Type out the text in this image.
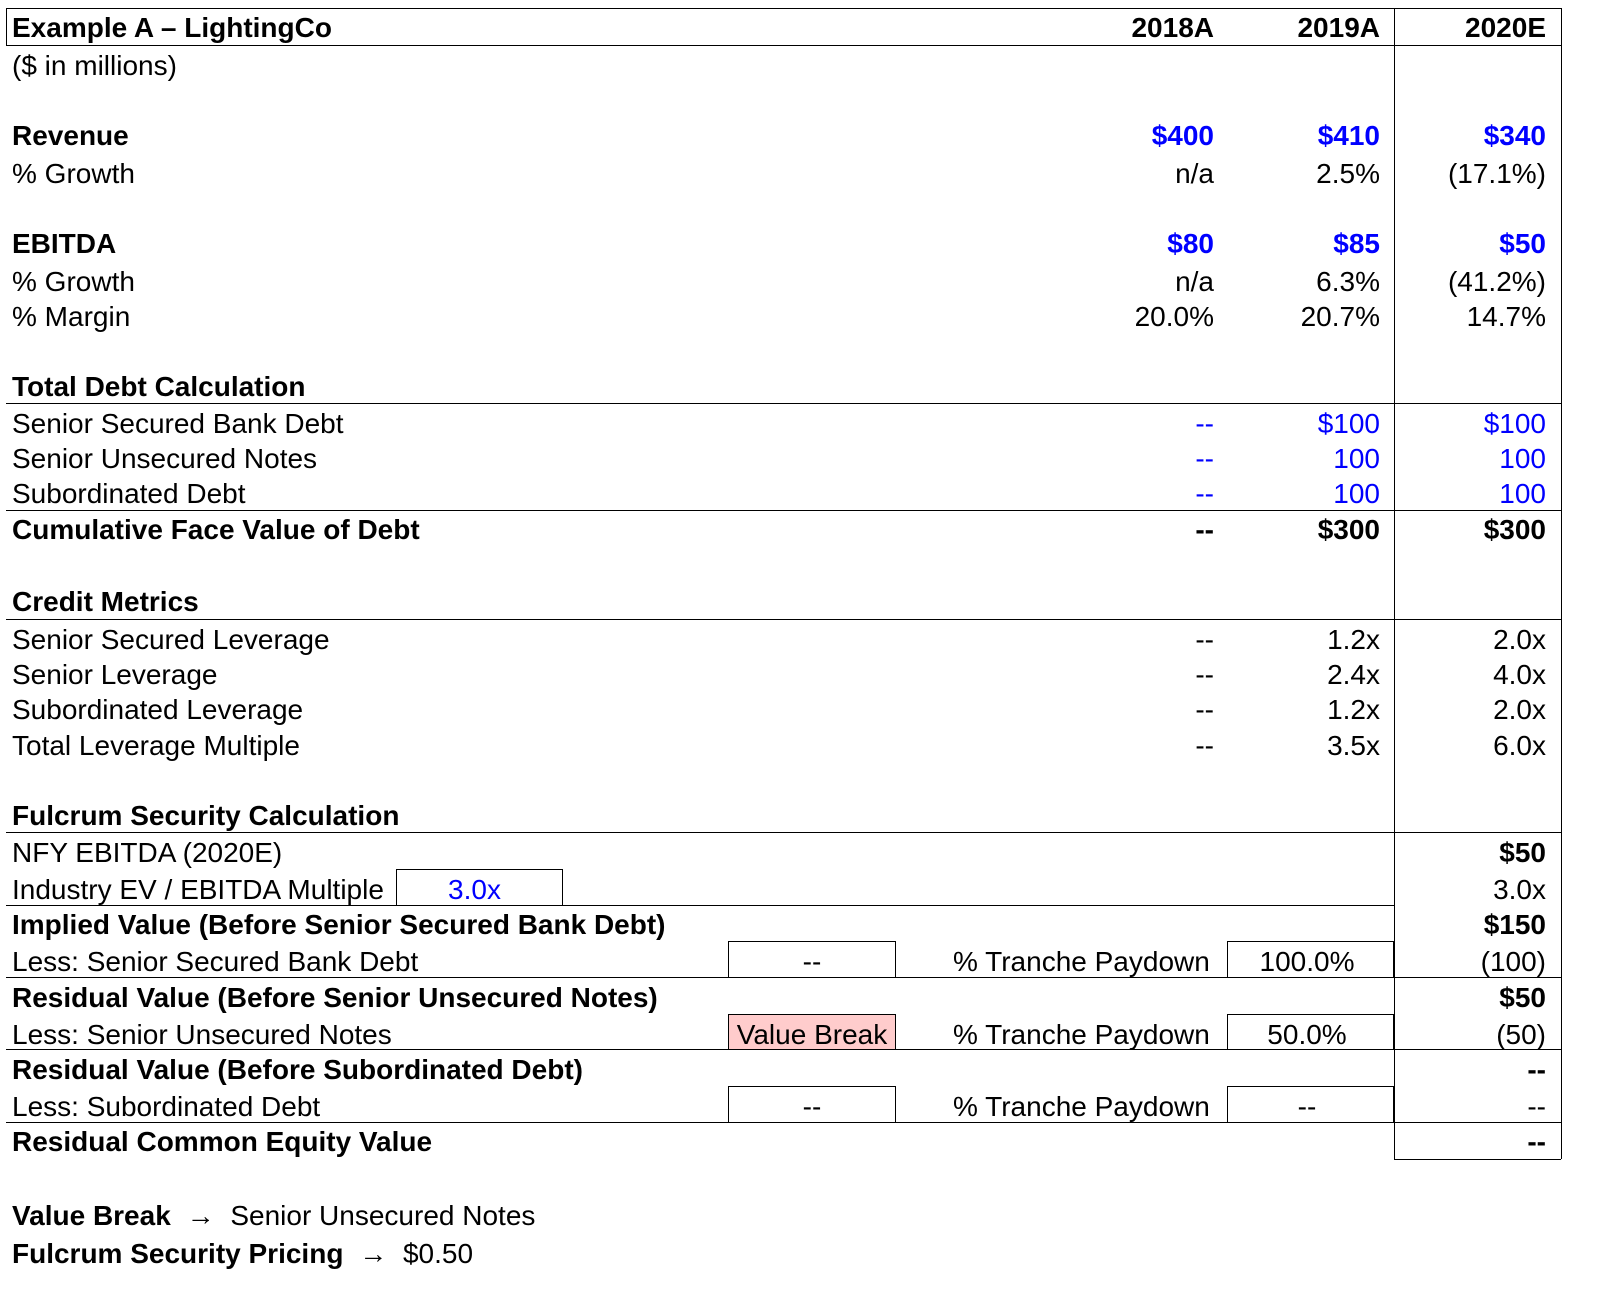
Example A – LightingCo	2018A	2019A	2020E
($ in millions)
Revenue	$400	$410	$340
% Growth	n/a	2.5%	(17.1%)
EBITDA	$80	$85	$50
% Growth	n/a	6.3%	(41.2%)
% Margin	20.0%	20.7%	14.7%
Total Debt Calculation
Senior Secured Bank Debt	--	$100	$100
Senior Unsecured Notes	--	100	100
Subordinated Debt	--	100	100
Cumulative Face Value of Debt	--	$300	$300
Credit Metrics
Senior Secured Leverage	--	1.2x	2.0x
Senior Leverage	--	2.4x	4.0x
Subordinated Leverage	--	1.2x	2.0x
Total Leverage Multiple	--	3.5x	6.0x
Fulcrum Security Calculation
NFY EBITDA (2020E)	$50
Industry EV / EBITDA Multiple	3.0x	3.0x
Implied Value (Before Senior Secured Bank Debt)	$150
Less: Senior Secured Bank Debt	--	% Tranche Paydown	100.0%	(100)
Residual Value (Before Senior Unsecured Notes)	$50
Less: Senior Unsecured Notes	Value Break	% Tranche Paydown	50.0%	(50)
Residual Value (Before Subordinated Debt)	--
Less: Subordinated Debt	--	% Tranche Paydown	--	--
Residual Common Equity Value	--
Value Break → Senior Unsecured Notes
Fulcrum Security Pricing → $0.50
